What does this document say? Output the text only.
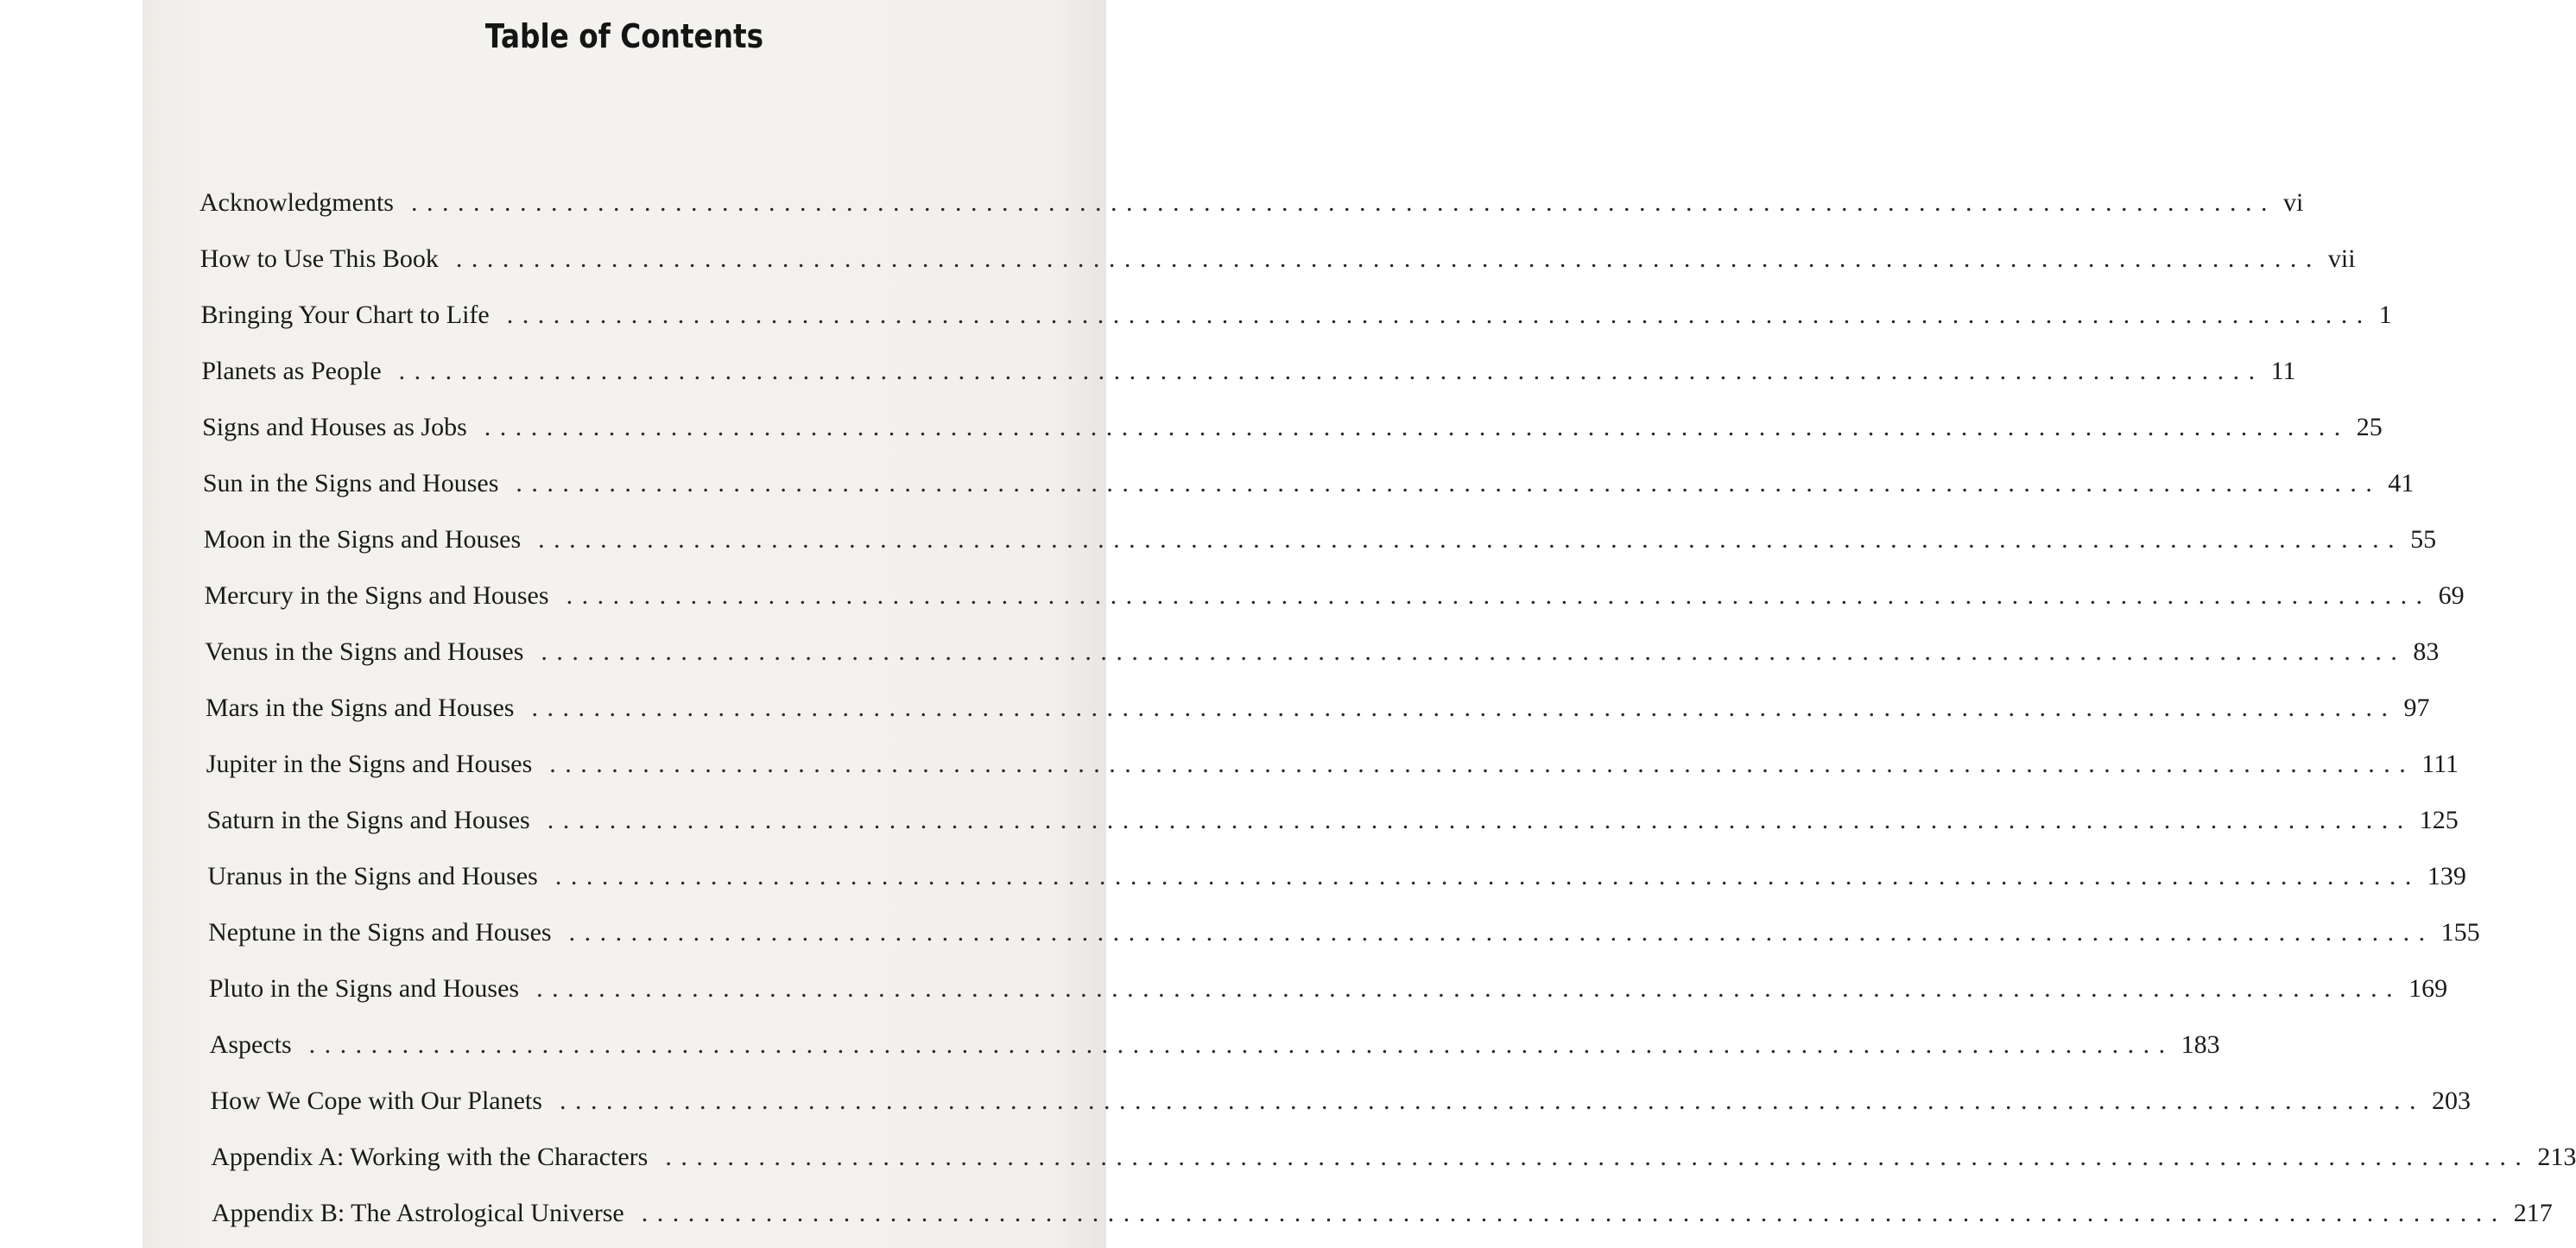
Table of Contents
Acknowledgments ........................................................................................................................ vi
How to Use This Book ........................................................................................................................ vii
Bringing Your Chart to Life ........................................................................................................................ 1
Planets as People ........................................................................................................................ 11
Signs and Houses as Jobs ........................................................................................................................ 25
Sun in the Signs and Houses ........................................................................................................................ 41
Moon in the Signs and Houses ........................................................................................................................ 55
Mercury in the Signs and Houses ........................................................................................................................ 69
Venus in the Signs and Houses ........................................................................................................................ 83
Mars in the Signs and Houses ........................................................................................................................ 97
Jupiter in the Signs and Houses ........................................................................................................................ 111
Saturn in the Signs and Houses ........................................................................................................................ 125
Uranus in the Signs and Houses ........................................................................................................................ 139
Neptune in the Signs and Houses ........................................................................................................................ 155
Pluto in the Signs and Houses ........................................................................................................................ 169
Aspects ........................................................................................................................ 183
How We Cope with Our Planets ........................................................................................................................ 203
Appendix A: Working with the Characters ........................................................................................................................ 213
Appendix B: The Astrological Universe ........................................................................................................................ 217
